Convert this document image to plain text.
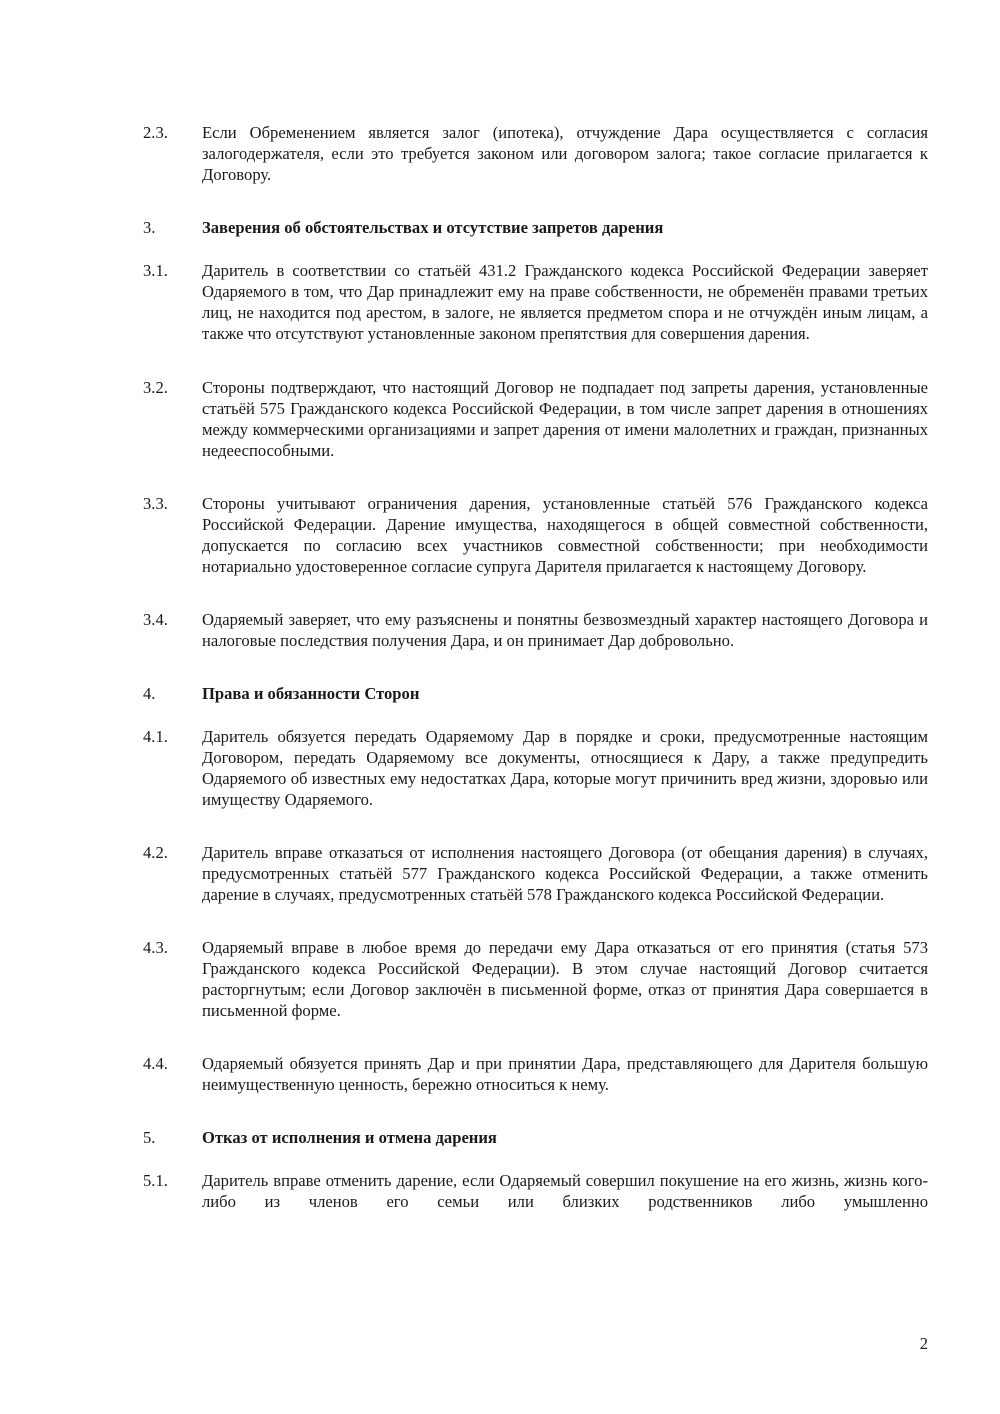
2.3.	Если Обременением является залог (ипотека), отчуждение Дара осуществляется с согласия залогодержателя, если это требуется законом или договором залога; такое согласие прилагается к Договору.
3.	Заверения об обстоятельствах и отсутствие запретов дарения
3.1.	Даритель в соответствии со статьёй 431.2 Гражданского кодекса Российской Федерации заверяет Одаряемого в том, что Дар принадлежит ему на праве собственности, не обременён правами третьих лиц, не находится под арестом, в залоге, не является предметом спора и не отчуждён иным лицам, а также что отсутствуют установленные законом препятствия для совершения дарения.
3.2.	Стороны подтверждают, что настоящий Договор не подпадает под запреты дарения, установленные статьёй 575 Гражданского кодекса Российской Федерации, в том числе запрет дарения в отношениях между коммерческими организациями и запрет дарения от имени малолетних и граждан, признанных недееспособными.
3.3.	Стороны учитывают ограничения дарения, установленные статьёй 576 Гражданского кодекса Российской Федерации. Дарение имущества, находящегося в общей совместной собственности, допускается по согласию всех участников совместной собственности; при необходимости нотариально удостоверенное согласие супруга Дарителя прилагается к настоящему Договору.
3.4.	Одаряемый заверяет, что ему разъяснены и понятны безвозмездный характер настоящего Договора и налоговые последствия получения Дара, и он принимает Дар добровольно.
4.	Права и обязанности Сторон
4.1.	Даритель обязуется передать Одаряемому Дар в порядке и сроки, предусмотренные настоящим Договором, передать Одаряемому все документы, относящиеся к Дару, а также предупредить Одаряемого об известных ему недостатках Дара, которые могут причинить вред жизни, здоровью или имуществу Одаряемого.
4.2.	Даритель вправе отказаться от исполнения настоящего Договора (от обещания дарения) в случаях, предусмотренных статьёй 577 Гражданского кодекса Российской Федерации, а также отменить дарение в случаях, предусмотренных статьёй 578 Гражданского кодекса Российской Федерации.
4.3.	Одаряемый вправе в любое время до передачи ему Дара отказаться от его принятия (статья 573 Гражданского кодекса Российской Федерации). В этом случае настоящий Договор считается расторгнутым; если Договор заключён в письменной форме, отказ от принятия Дара совершается в письменной форме.
4.4.	Одаряемый обязуется принять Дар и при принятии Дара, представляющего для Дарителя большую неимущественную ценность, бережно относиться к нему.
5.	Отказ от исполнения и отмена дарения
5.1.	Даритель вправе отменить дарение, если Одаряемый совершил покушение на его жизнь, жизнь кого-либо из членов его семьи или близких родственников либо умышленно
2
